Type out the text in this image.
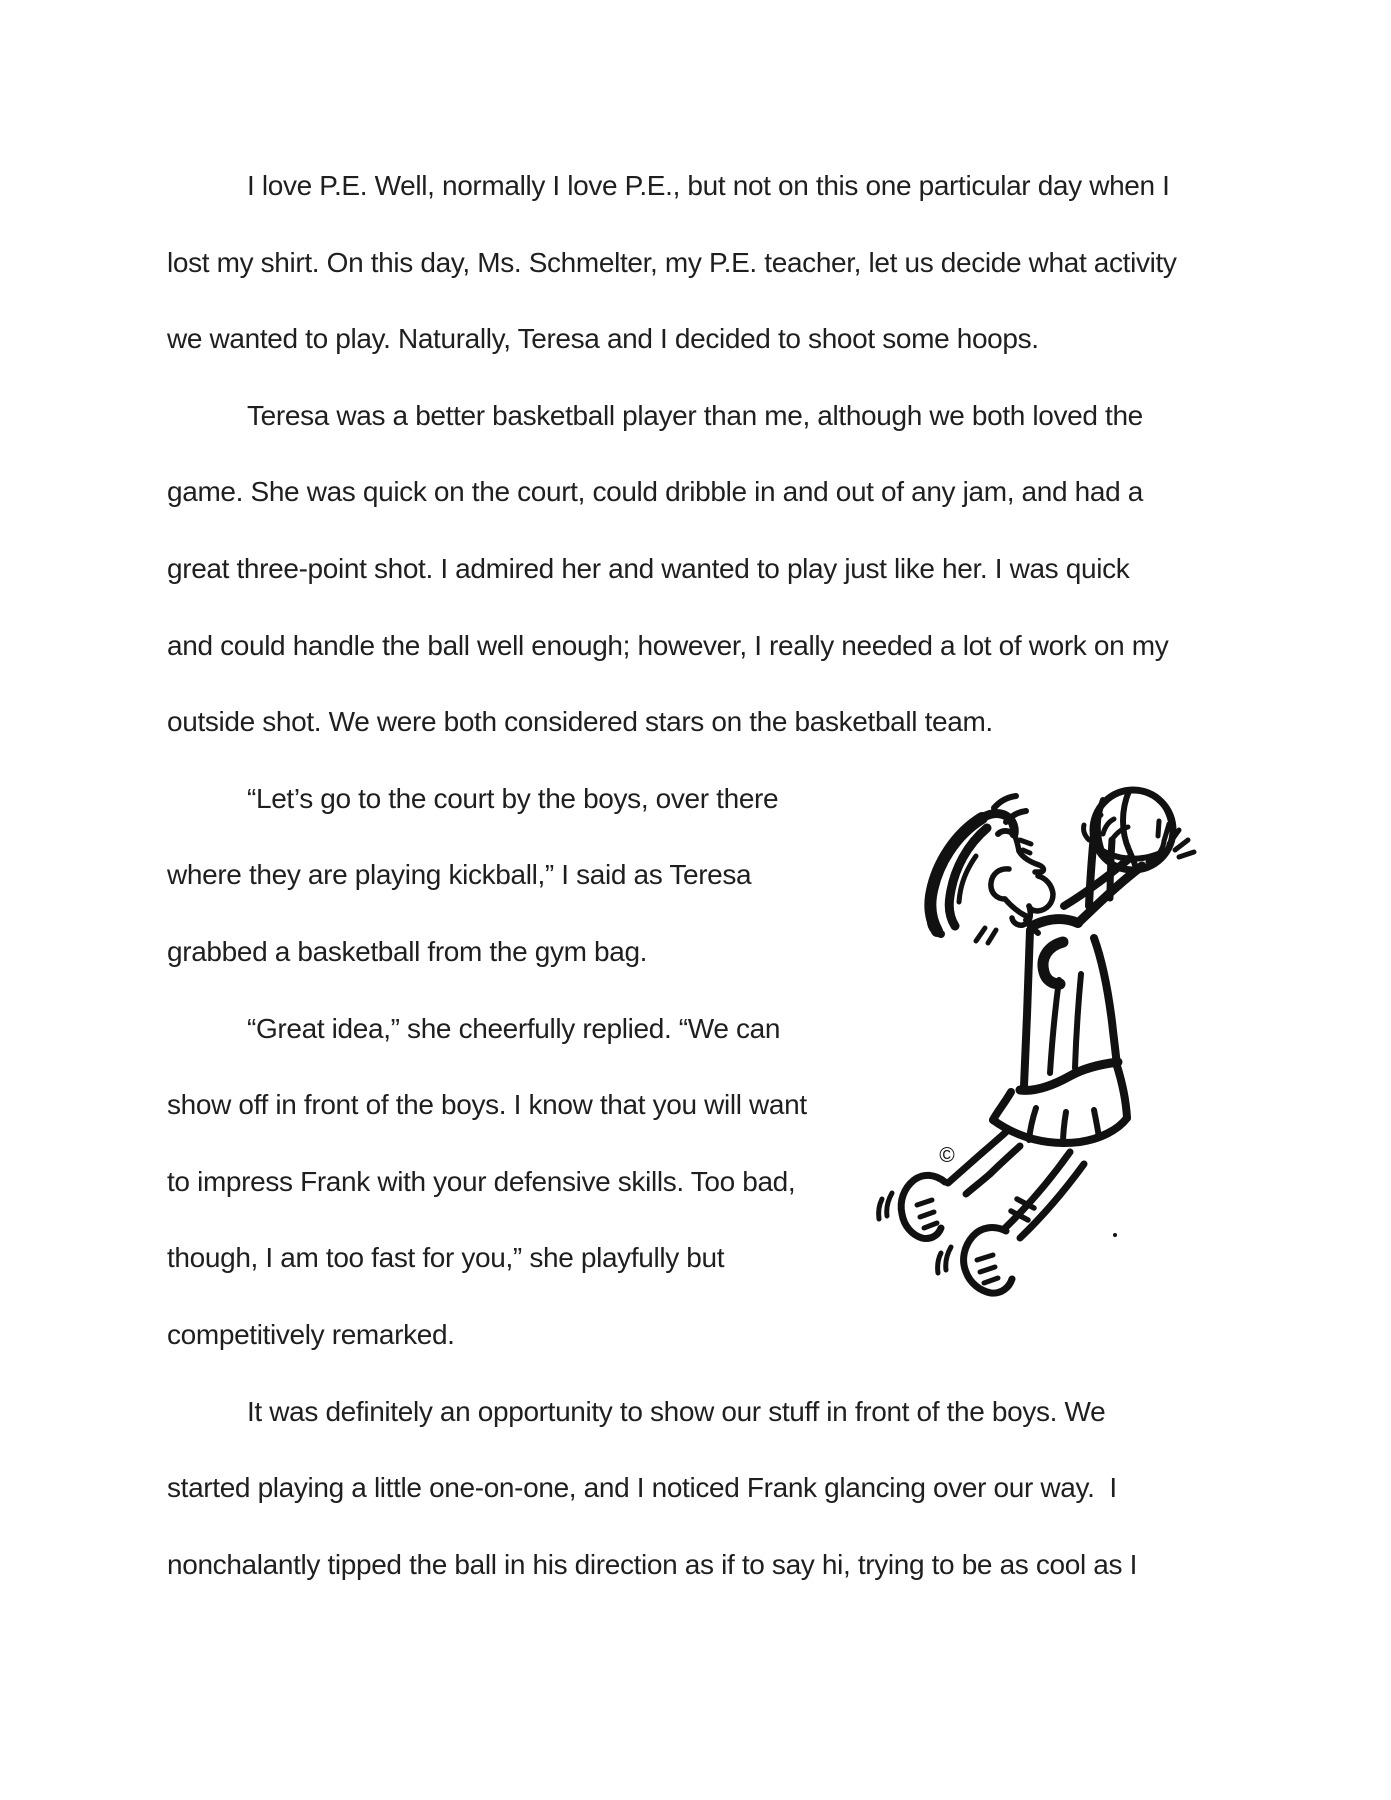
I love P.E. Well, normally I love P.E., but not on this one particular day when I
lost my shirt. On this day, Ms. Schmelter, my P.E. teacher, let us decide what activity
we wanted to play. Naturally, Teresa and I decided to shoot some hoops.
Teresa was a better basketball player than me, although we both loved the
game. She was quick on the court, could dribble in and out of any jam, and had a
great three-point shot. I admired her and wanted to play just like her. I was quick
and could handle the ball well enough; however, I really needed a lot of work on my
outside shot. We were both considered stars on the basketball team.
“Let’s go to the court by the boys, over there
where they are playing kickball,” I said as Teresa
grabbed a basketball from the gym bag.
“Great idea,” she cheerfully replied. “We can
show off in front of the boys. I know that you will want
to impress Frank with your defensive skills. Too bad,
though, I am too fast for you,” she playfully but
competitively remarked.
It was definitely an opportunity to show our stuff in front of the boys. We
started playing a little one-on-one, and I noticed Frank glancing over our way.  I
nonchalantly tipped the ball in his direction as if to say hi, trying to be as cool as I
©
